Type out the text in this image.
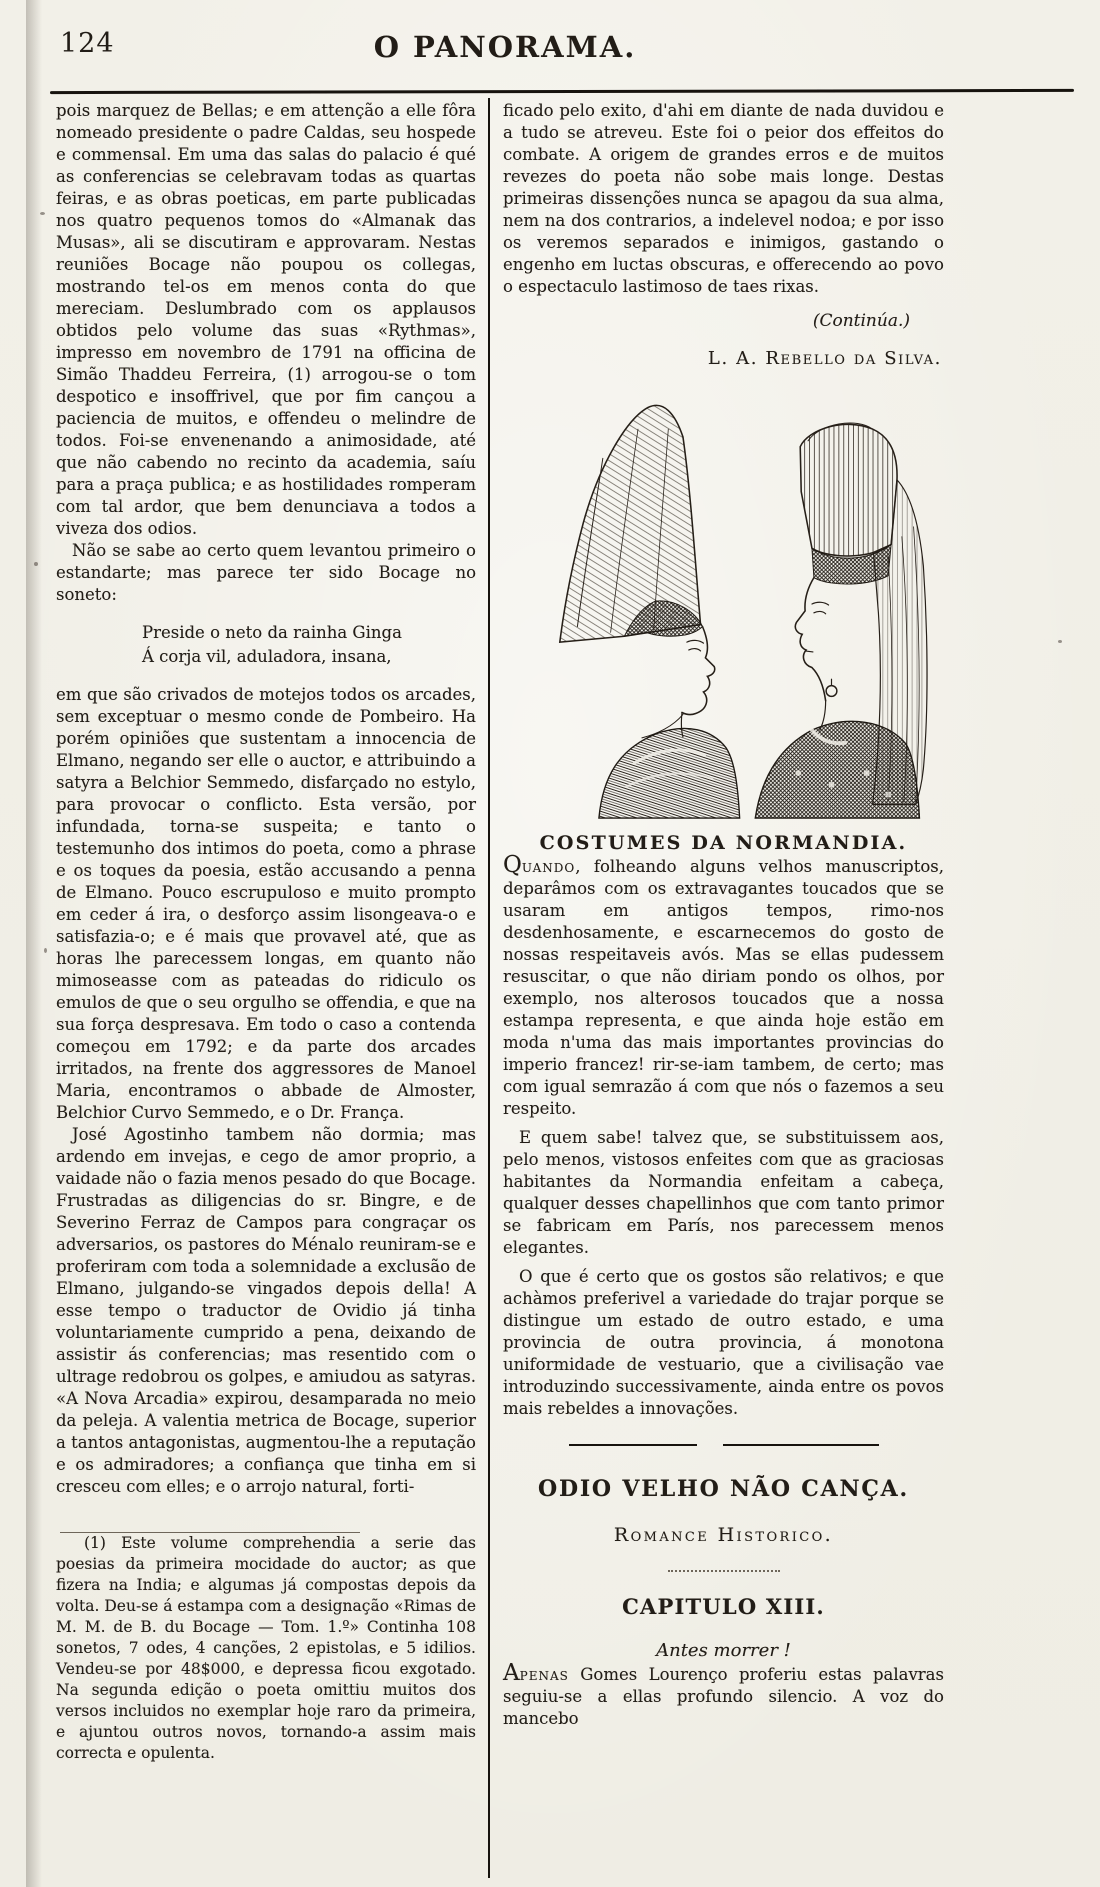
124	O PANORAMA.

pois marquez de Bellas; e em attenção a elle fôra nomeado presidente o padre Caldas, seu hospede e commensal. Em uma das salas do palacio é qué as conferencias se celebravam todas as quartas feiras, e as obras poeticas, em parte publicadas nos quatro pequenos tomos do «Almanak das Musas», ali se discutiram e approvaram. Nestas reuniões Bocage não poupou os collegas, mostrando tel-os em menos conta do que mereciam. Deslumbrado com os applausos obtidos pelo volume das suas «Rythmas», impresso em novembro de 1791 na officina de Simão Thaddeu Ferreira, (1) arrogou-se o tom despotico e insoffrivel, que por fim cançou a paciencia de muitos, e offendeu o melindre de todos. Foi-se envenenando a animosidade, até que não cabendo no recinto da academia, saíu para a praça publica; e as hostilidades romperam com tal ardor, que bem denunciava a todos a viveza dos odios.

Não se sabe ao certo quem levantou primeiro o estandarte; mas parece ter sido Bocage no soneto:

Preside o neto da rainha Ginga
Á corja vil, aduladora, insana,

em que são crivados de motejos todos os arcades, sem exceptuar o mesmo conde de Pombeiro. Ha porém opiniões que sustentam a innocencia de Elmano, negando ser elle o auctor, e attribuindo a satyra a Belchior Semmedo, disfarçado no estylo, para provocar o conflicto. Esta versão, por infundada, torna-se suspeita; e tanto o testemunho dos intimos do poeta, como a phrase e os toques da poesia, estão accusando a penna de Elmano. Pouco escrupuloso e muito prompto em ceder á ira, o desforço assim lisongeava-o e satisfazia-o; e é mais que provavel até, que as horas lhe parecessem longas, em quanto não mimoseasse com as pateadas do ridiculo os emulos de que o seu orgulho se offendia, e que na sua força despresava. Em todo o caso a contenda começou em 1792; e da parte dos arcades irritados, na frente dos aggressores de Manoel Maria, encontramos o abbade de Almoster, Belchior Curvo Semmedo, e o Dr. França.

José Agostinho tambem não dormia; mas ardendo em invejas, e cego de amor proprio, a vaidade não o fazia menos pesado do que Bocage. Frustradas as diligencias do sr. Bingre, e de Severino Ferraz de Campos para congraçar os adversarios, os pastores do Ménalo reuniram-se e proferiram com toda a solemnidade a exclusão de Elmano, julgando-se vingados depois della! A esse tempo o traductor de Ovidio já tinha voluntariamente cumprido a pena, deixando de assistir ás conferencias; mas resentido com o ultrage redobrou os golpes, e amiudou as satyras. «A Nova Arcadia» expirou, desamparada no meio da peleja. A valentia metrica de Bocage, superior a tantos antagonistas, augmentou-lhe a reputação e os admiradores; a confiança que tinha em si cresceu com elles; e o arrojo natural, forti-

(1) Este volume comprehendia a serie das poesias da primeira mocidade do auctor; as que fizera na India; e algumas já compostas depois da volta. Deu-se á estampa com a designação «Rimas de M. M. de B. du Bocage — Tom. 1.º» Continha 108 sonetos, 7 odes, 4 canções, 2 epistolas, e 5 idilios. Vendeu-se por 48$000, e depressa ficou exgotado. Na segunda edição o poeta omittiu muitos dos versos incluidos no exemplar hoje raro da primeira, e ajuntou outros novos, tornando-a assim mais correcta e opulenta.

ficado pelo exito, d'ahi em diante de nada duvidou e a tudo se atreveu. Este foi o peior dos effeitos do combate. A origem de grandes erros e de muitos revezes do poeta não sobe mais longe. Destas primeiras dissenções nunca se apagou da sua alma, nem na dos contrarios, a indelevel nodoa; e por isso os veremos separados e inimigos, gastando o engenho em luctas obscuras, e offerecendo ao povo o espectaculo lastimoso de taes rixas.

(Continúa.)
L. A. Rebello da Silva.
COSTUMES DA NORMANDIA.

Quando, folheando alguns velhos manuscriptos, deparâmos com os extravagantes toucados que se usaram em antigos tempos, rimo-nos desdenhosamente, e escarnecemos do gosto de nossas respeitaveis avós. Mas se ellas pudessem resuscitar, o que não diriam pondo os olhos, por exemplo, nos alterosos toucados que a nossa estampa representa, e que ainda hoje estão em moda n'uma das mais importantes provincias do imperio francez! rir-se-iam tambem, de certo; mas com igual semrazão á com que nós o fazemos a seu respeito.

E quem sabe! talvez que, se substituissem aos, pelo menos, vistosos enfeites com que as graciosas habitantes da Normandia enfeitam a cabeça, qualquer desses chapellinhos que com tanto primor se fabricam em París, nos parecessem menos elegantes.

O que é certo que os gostos são relativos; e que achàmos preferivel a variedade do trajar porque se distingue um estado de outro estado, e uma provincia de outra provincia, á monotona uniformidade de vestuario, que a civilisação vae introduzindo successivamente, ainda entre os povos mais rebeldes a innovações.

ODIO VELHO NÃO CANÇA.
Romance Historico.
CAPITULO XIII.
Antes morrer !

Apenas Gomes Lourenço proferiu estas palavras seguiu-se a ellas profundo silencio. A voz do mancebo
